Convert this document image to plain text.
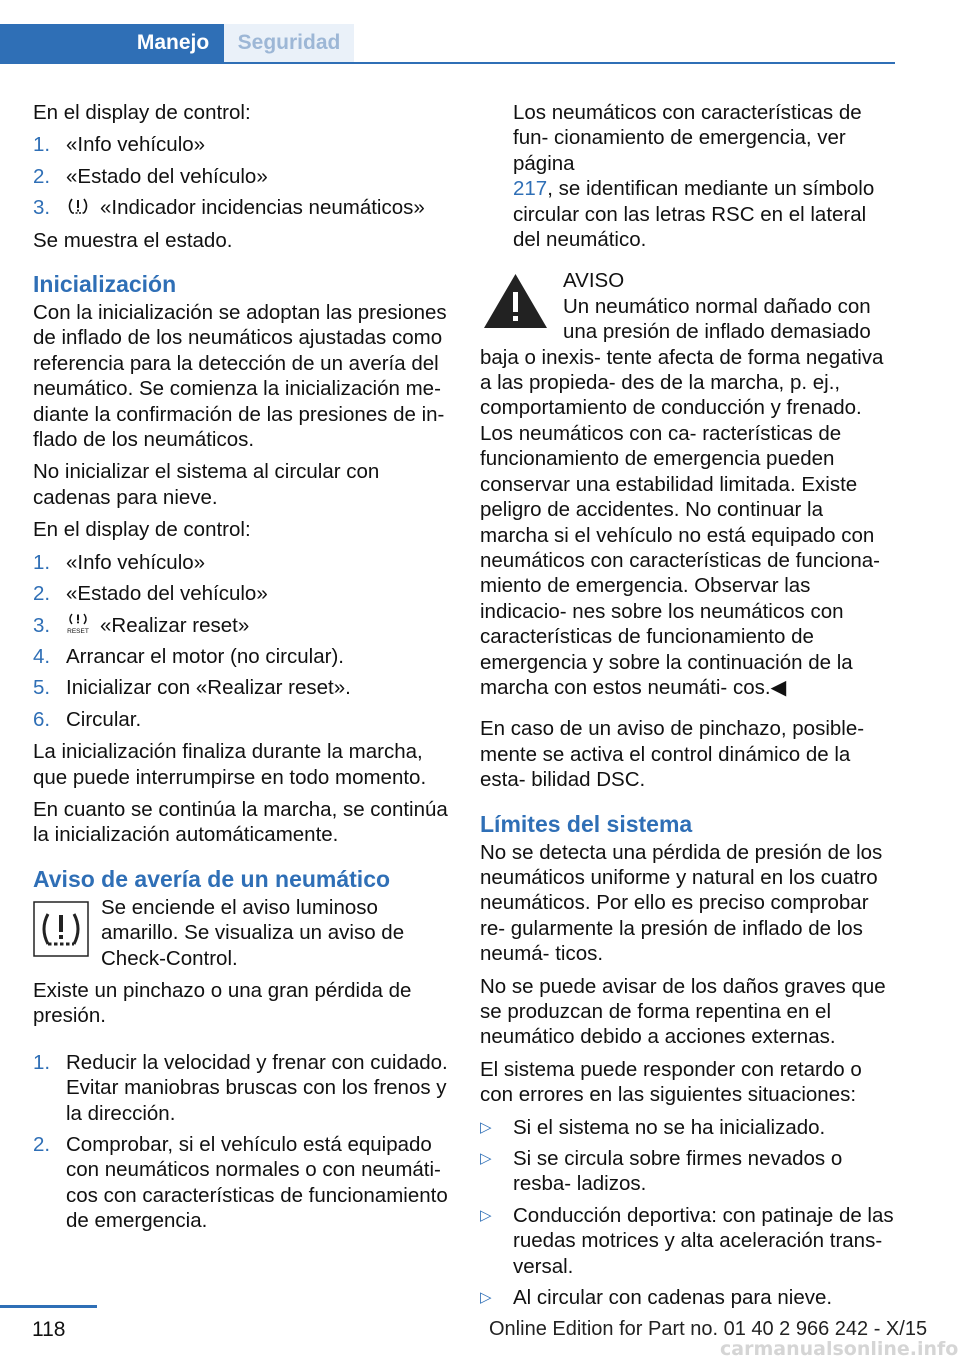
Manejo	Seguridad

En el display de control:

1. «Info vehículo»
2. «Estado del vehículo»
3. «Indicador incidencias neumáticos»

Se muestra el estado.

Inicialización

Con la inicialización se adoptan las presiones de inflado de los neumáticos ajustadas como referencia para la detección de un avería del neumático. Se comienza la inicialización me‐ diante la confirmación de las presiones de in‐ flado de los neumáticos.

No inicializar el sistema al circular con cadenas para nieve.

En el display de control:

1. «Info vehículo»
2. «Estado del vehículo»
3.	RESET «Realizar reset»
4. Arrancar el motor (no circular).
5. Inicializar con «Realizar reset».
6. Circular.

La inicialización finaliza durante la marcha, que puede interrumpirse en todo momento.

En cuanto se continúa la marcha, se continúa la inicialización automáticamente.

Aviso de avería de un neumático

Se enciende el aviso luminoso amarillo. Se visualiza un aviso de Check-Control.

Existe un pinchazo o una gran pérdida de presión.

1. Reducir la velocidad y frenar con cuidado. Evitar maniobras bruscas con los frenos y la dirección.
2. Comprobar, si el vehículo está equipado con neumáticos normales o con neumáti‐ cos con características de funcionamiento de emergencia.

Los neumáticos con características de fun‐ cionamiento de emergencia, ver página
217, se identifican mediante un símbolo circular con las letras RSC en el lateral del neumático.

AVISO

Un neumático normal dañado con una presión de inflado demasiado baja o inexis‐ tente afecta de forma negativa a las propieda‐ des de la marcha, p. ej., comportamiento de conducción y frenado. Los neumáticos con ca‐ racterísticas de funcionamiento de emergencia pueden conservar una estabilidad limitada. Existe peligro de accidentes. No continuar la marcha si el vehículo no está equipado con neumáticos con características de funciona‐ miento de emergencia. Observar las indicacio‐ nes sobre los neumáticos con características de funcionamiento de emergencia y sobre la continuación de la marcha con estos neumáti‐ cos.◀

En caso de un aviso de pinchazo, posible‐ mente se activa el control dinámico de la esta‐ bilidad DSC.

Límites del sistema

No se detecta una pérdida de presión de los neumáticos uniforme y natural en los cuatro neumáticos. Por ello es preciso comprobar re‐ gularmente la presión de inflado de los neumá‐ ticos.

No se puede avisar de los daños graves que se produzcan de forma repentina en el neumático debido a acciones externas.

El sistema puede responder con retardo o con errores en las siguientes situaciones:

▷ Si el sistema no se ha inicializado.
▷ Si se circula sobre firmes nevados o resba‐ ladizos.
▷ Conducción deportiva: con patinaje de las ruedas motrices y alta aceleración trans‐ versal.
▷ Al circular con cadenas para nieve.
118	Online Edition for Part no. 01 40 2 966 242 - X/15
carmanualsonline.info
